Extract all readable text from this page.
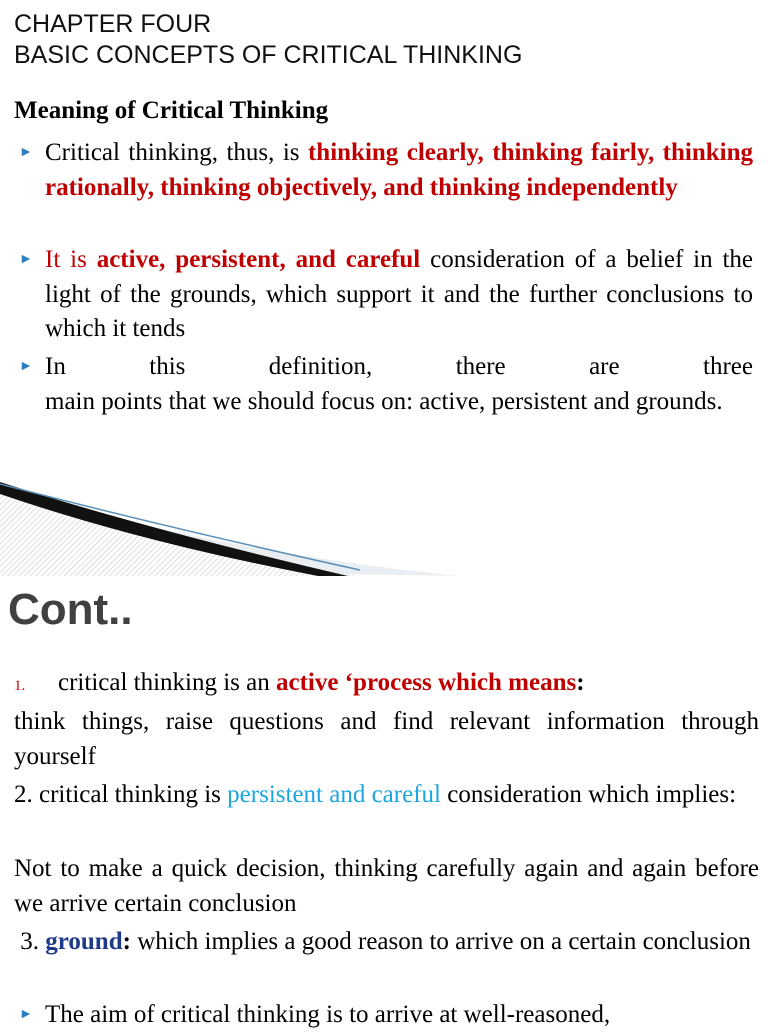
CHAPTER FOUR
BASIC CONCEPTS OF CRITICAL THINKING
Meaning of Critical Thinking
► Critical thinking, thus, is thinking clearly, thinking fairly, thinking rationally, thinking objectively, and thinking independently
► It is active, persistent, and careful consideration of a belief in the light of the grounds, which support it and the further conclusions to which it tends
► In	this	definition,	there	are	three
main points that we should focus on: active, persistent and grounds.
Cont..
1. critical thinking is an active ‘process which means:
think things, raise questions and find relevant information through yourself
2. critical thinking is persistent and careful consideration which implies:
Not to make a quick decision, thinking carefully again and again before we arrive certain conclusion
3. ground: which implies a good reason to arrive on a certain conclusion
► The aim of critical thinking is to arrive at well-reasoned,
